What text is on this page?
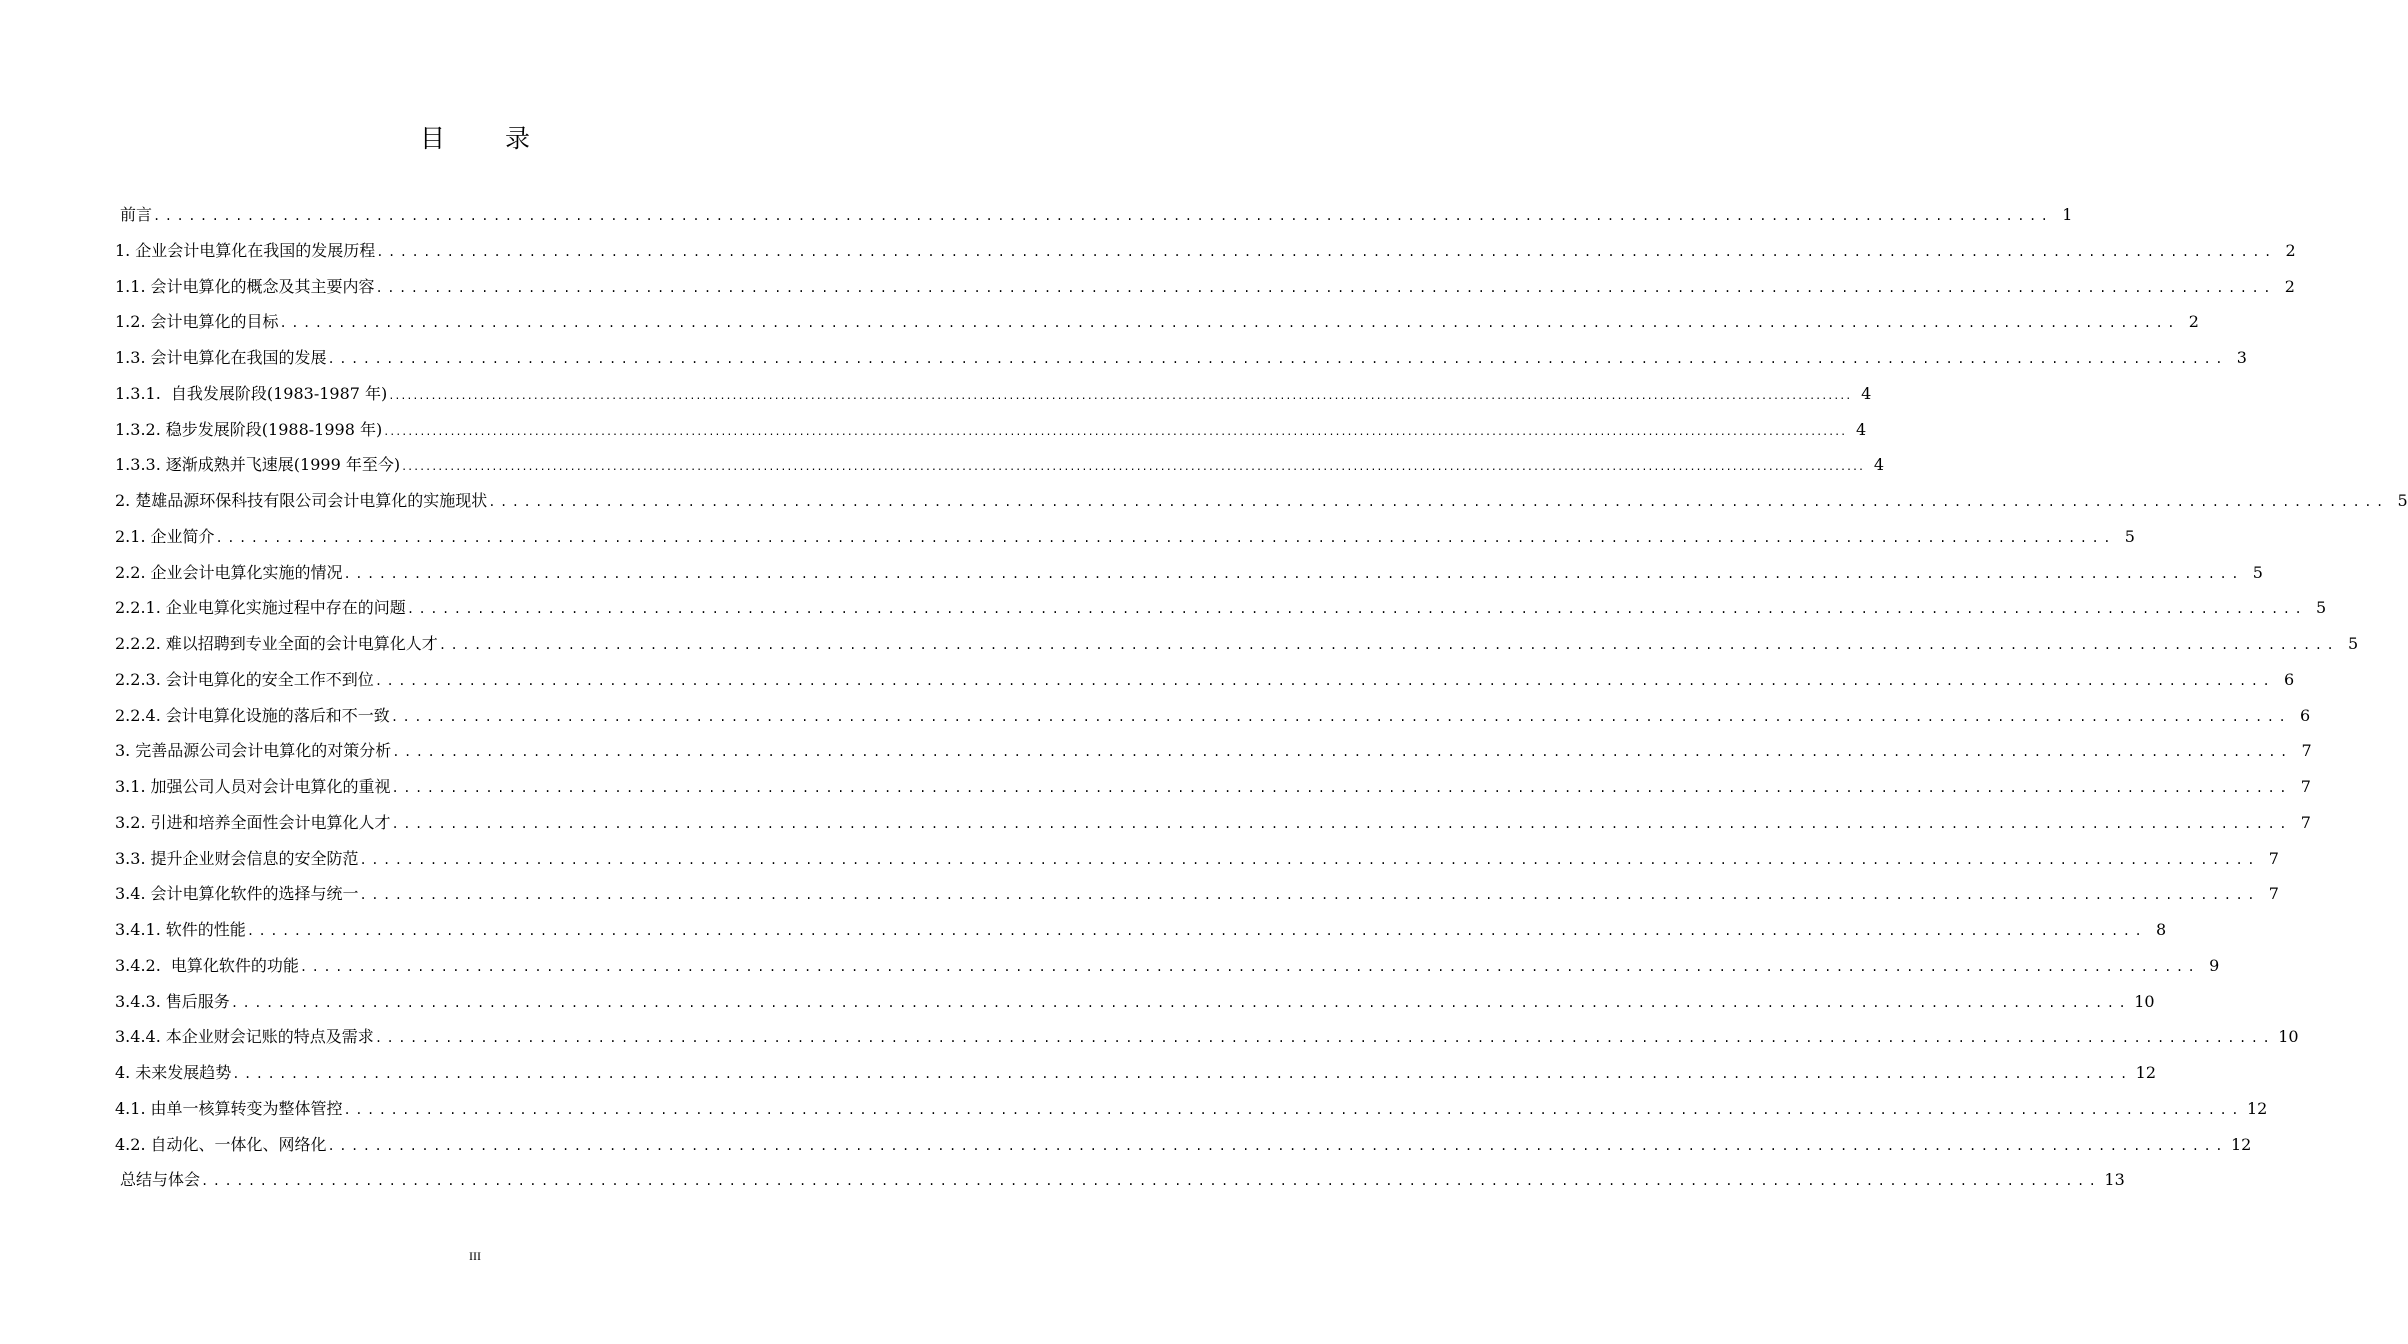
目 录
前言 .................................................................................................................................................................. 1
1. 企业会计电算化在我国的发展历程 .................................................................................................................................................................. 2
1.1. 会计电算化的概念及其主要内容 .................................................................................................................................................................. 2
1.2. 会计电算化的目标 .................................................................................................................................................................. 2
1.3. 会计电算化在我国的发展 .................................................................................................................................................................. 3
1.3.1. 自我发展阶段(1983-1987 年) ................................................................................................................................................................................................................................................... 4
1.3.2. 稳步发展阶段(1988-1998 年) ................................................................................................................................................................................................................................................... 4
1.3.3. 逐渐成熟并飞速展(1999 年至今) ................................................................................................................................................................................................................................................... 4
2. 楚雄品源环保科技有限公司会计电算化的实施现状 .................................................................................................................................................................. 5
2.1. 企业简介 .................................................................................................................................................................. 5
2.2. 企业会计电算化实施的情况 .................................................................................................................................................................. 5
2.2.1. 企业电算化实施过程中存在的问题 .................................................................................................................................................................. 5
2.2.2. 难以招聘到专业全面的会计电算化人才 .................................................................................................................................................................. 5
2.2.3. 会计电算化的安全工作不到位 .................................................................................................................................................................. 6
2.2.4. 会计电算化设施的落后和不一致 .................................................................................................................................................................. 6
3. 完善品源公司会计电算化的对策分析 .................................................................................................................................................................. 7
3.1. 加强公司人员对会计电算化的重视 .................................................................................................................................................................. 7
3.2. 引进和培养全面性会计电算化人才 .................................................................................................................................................................. 7
3.3. 提升企业财会信息的安全防范 .................................................................................................................................................................. 7
3.4. 会计电算化软件的选择与统一 .................................................................................................................................................................. 7
3.4.1. 软件的性能 .................................................................................................................................................................. 8
3.4.2. 电算化软件的功能 .................................................................................................................................................................. 9
3.4.3. 售后服务 .................................................................................................................................................................. 10
3.4.4. 本企业财会记账的特点及需求 .................................................................................................................................................................. 10
4. 未来发展趋势 .................................................................................................................................................................. 12
4.1. 由单一核算转变为整体管控 .................................................................................................................................................................. 12
4.2. 自动化、一体化、网络化 .................................................................................................................................................................. 12
总结与体会 .................................................................................................................................................................. 13
III
